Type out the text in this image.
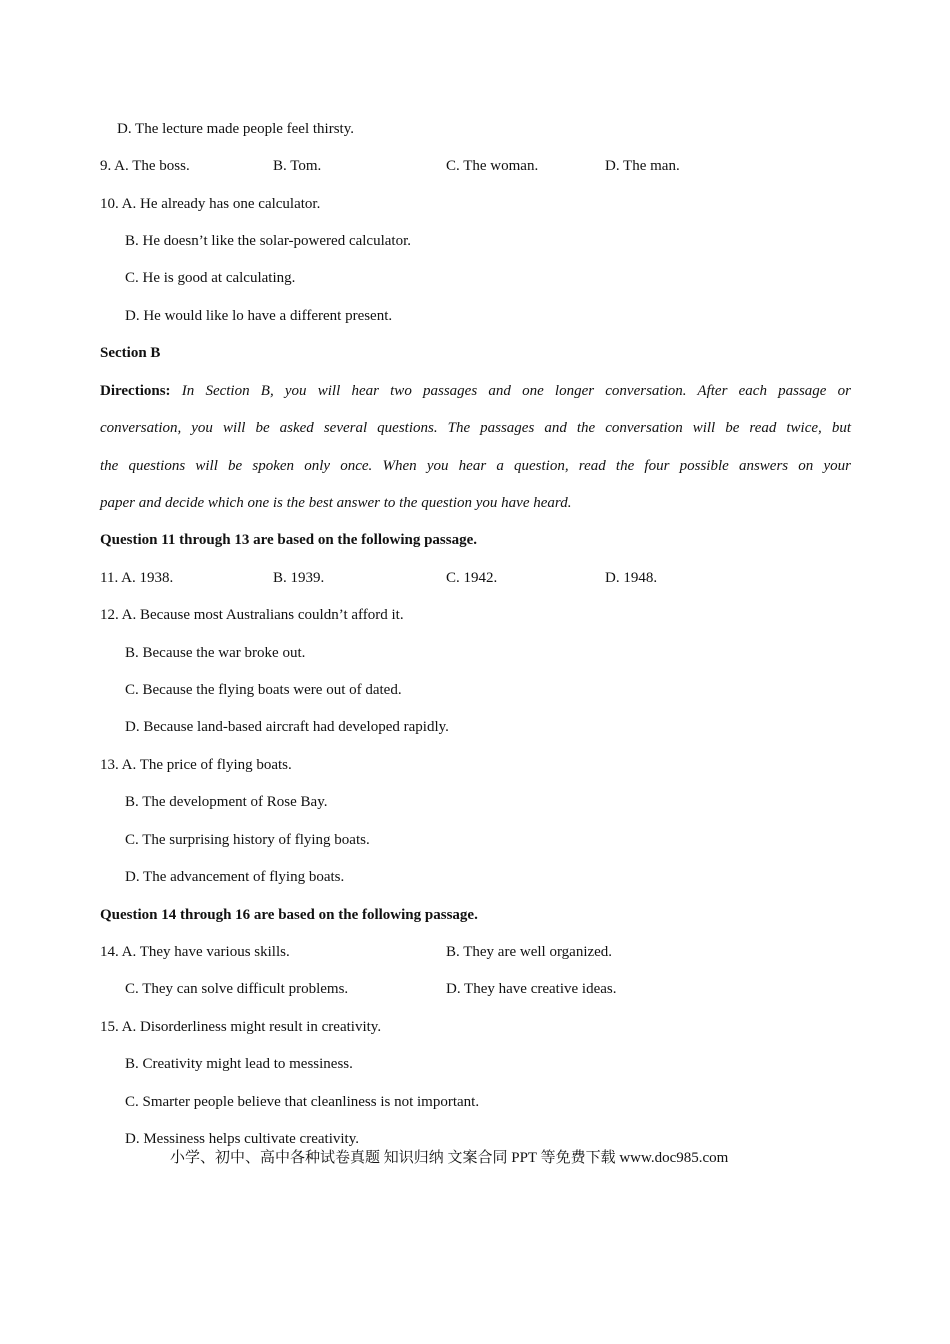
D. The lecture made people feel thirsty.
9. A. The boss.	B. Tom.	C. The woman.	D. The man.
10. A. He already has one calculator.
B. He doesn’t like the solar-powered calculator.
C. He is good at calculating.
D. He would like lo have a different present.
Section B
Directions: In Section B, you will hear two passages and one longer conversation. After each passage or
conversation, you will be asked several questions. The passages and the conversation will be read twice, but
the questions will be spoken only once. When you hear a question, read the four possible answers on your
paper and decide which one is the best answer to the question you have heard.
Question 11 through 13 are based on the following passage.
11. A. 1938.	B. 1939.	C. 1942.	D. 1948.
12. A. Because most Australians couldn’t afford it.
B. Because the war broke out.
C. Because the flying boats were out of dated.
D. Because land-based aircraft had developed rapidly.
13. A. The price of flying boats.
B. The development of Rose Bay.
C. The surprising history of flying boats.
D. The advancement of flying boats.
Question 14 through 16 are based on the following passage.
14. A. They have various skills.	B. They are well organized.
C. They can solve difficult problems.	D. They have creative ideas.
15. A. Disorderliness might result in creativity.
B. Creativity might lead to messiness.
C. Smarter people believe that cleanliness is not important.
D. Messiness helps cultivate creativity.
小学、初中、高中各种试卷真题 知识归纳 文案合同 PPT 等免费下载 www.doc985.com
